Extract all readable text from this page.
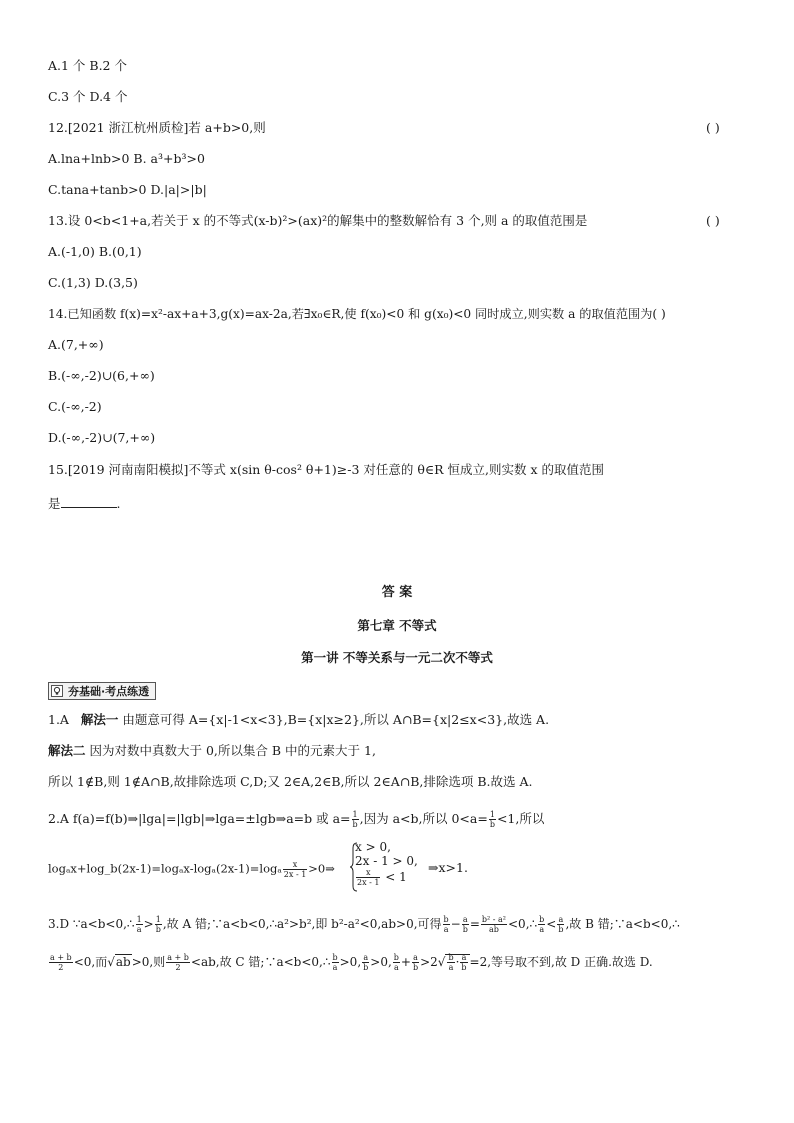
A.1 个 B.2 个
C.3 个 D.4 个
12.[2021 浙江杭州质检]若 a+b>0,则	( )
A.lna+lnb>0 B. a³+b³>0
C.tana+tanb>0 D.|a|>|b|
13.设 0<b<1+a,若关于 x 的不等式(x-b)²>(ax)²的解集中的整数解恰有 3 个,则 a 的取值范围是	( )
A.(-1,0) B.(0,1)
C.(1,3) D.(3,5)
14.已知函数 f(x)=x²-ax+a+3,g(x)=ax-2a,若∃x₀∈R,使 f(x₀)<0 和 g(x₀)<0 同时成立,则实数 a 的取值范围为( )
A.(7,+∞)
B.(-∞,-2)∪(6,+∞)
C.(-∞,-2)
D.(-∞,-2)∪(7,+∞)
15.[2019 河南南阳模拟]不等式 x(sin θ-cos² θ+1)≥-3 对任意的 θ∈R 恒成立,则实数 x 的取值范围
是	.
答 案
第七章 不等式
第一讲 不等关系与一元二次不等式
夯基础·考点练透
1.A 解法一 由题意可得 A={x|-1<x<3},B={x|x≥2},所以 A∩B={x|2≤x<3},故选 A.
解法二 因为对数中真数大于 0,所以集合 B 中的元素大于 1,
所以 1∉B,则 1∉A∩B,故排除选项 C,D;又 2∈A,2∈B,所以 2∈A∩B,排除选项 B.故选 A.
2.A f(a)=f(b)⇒|lga|=|lgb|⇒lga=±lgb⇒a=b 或 $a= \frac{1}{b}$ ,因为 a<b,所以 $0<a= \frac{1}{b} <1$,所以
logₐx+log_b(2x-1)=logₐx-logₐ(2x-1)=logₐ $\frac{x}{2x - 1}$ >0⇒
x > 0,
2x - 1 > 0,
$\frac{x}{2x - 1} < 1$
⇒x>1.
3.D ∵a<b<0,∴ $\frac{1}{a} > \frac{1}{b}$ ,故 A 错;∵a<b<0,∴a²>b²,即 b²-a²<0,ab>0,可得 $\frac{b}{a} - \frac{a}{b} = \frac{\text{b² - a²}}{ab}$ <0,∴ $\frac{b}{a} < \frac{a}{b}$ ,故 B 错;∵a<b<0,∴
$\frac{a + b}{2} <0$,而√ab>0,则 $\frac{a + b}{2} <ab$,故 C 错;∵a<b<0,∴ $\frac{b}{a} >0$, $\frac{a}{b} >0$, $\frac{b}{a} + \frac{a}{b} >2√ \frac{b}{a} \cdot \frac{a}{b} =2$,等号取不到,故 D 正确.故选 D.
